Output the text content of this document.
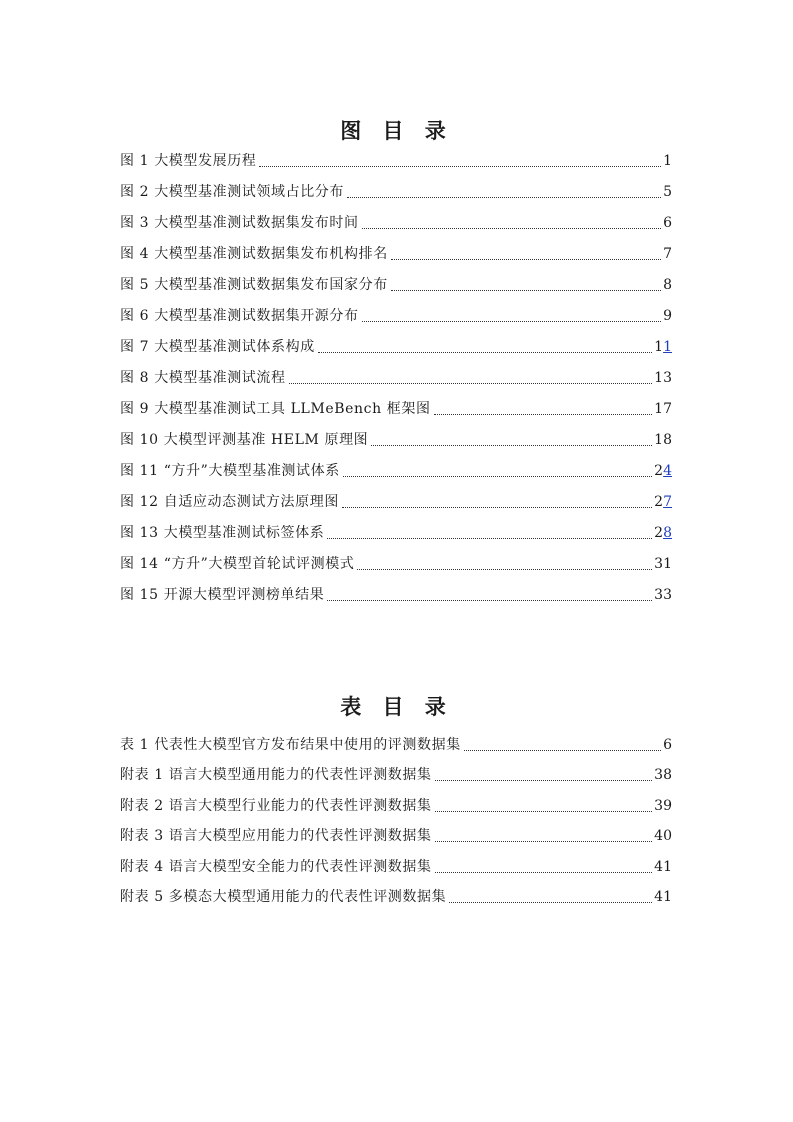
图 目 录
图 1 大模型发展历程	1
图 2 大模型基准测试领域占比分布	5
图 3 大模型基准测试数据集发布时间	6
图 4 大模型基准测试数据集发布机构排名	7
图 5 大模型基准测试数据集发布国家分布	8
图 6 大模型基准测试数据集开源分布	9
图 7 大模型基准测试体系构成	11
图 8 大模型基准测试流程	13
图 9 大模型基准测试工具 LLMeBench 框架图	17
图 10 大模型评测基准 HELM 原理图	18
图 11 “方升”大模型基准测试体系	24
图 12 自适应动态测试方法原理图	27
图 13 大模型基准测试标签体系	28
图 14 “方升”大模型首轮试评测模式	31
图 15 开源大模型评测榜单结果	33
表 目 录
表 1 代表性大模型官方发布结果中使用的评测数据集	6
附表 1 语言大模型通用能力的代表性评测数据集	38
附表 2 语言大模型行业能力的代表性评测数据集	39
附表 3 语言大模型应用能力的代表性评测数据集	40
附表 4 语言大模型安全能力的代表性评测数据集	41
附表 5 多模态大模型通用能力的代表性评测数据集	41
